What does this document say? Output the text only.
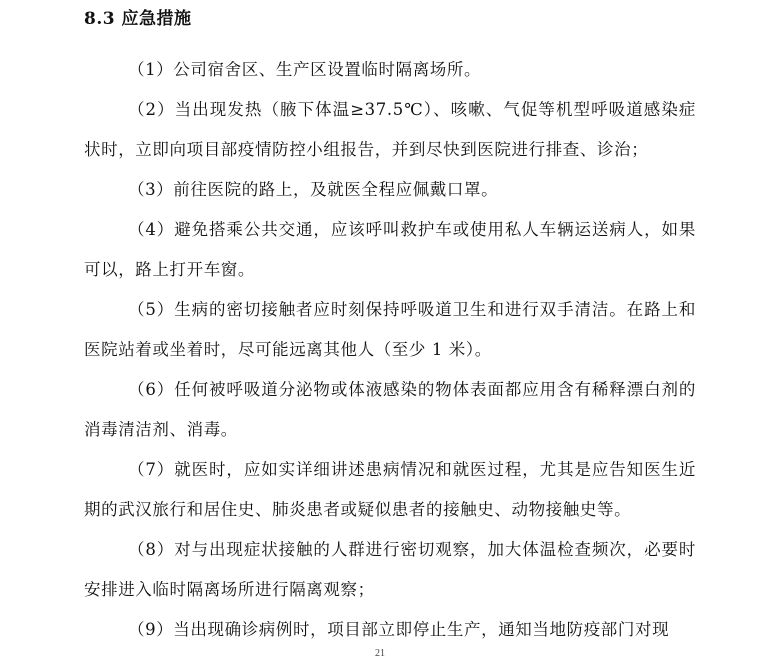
8.3 应急措施

（1）公司宿舍区、生产区设置临时隔离场所。

（2）当出现发热（腋下体温≥37.5℃）、咳嗽、气促等机型呼吸道感染症状时，立即向项目部疫情防控小组报告，并到尽快到医院进行排查、诊治；

（3）前往医院的路上，及就医全程应佩戴口罩。

（4）避免搭乘公共交通，应该呼叫救护车或使用私人车辆运送病人，如果可以，路上打开车窗。

（5）生病的密切接触者应时刻保持呼吸道卫生和进行双手清洁。在路上和医院站着或坐着时，尽可能远离其他人（至少 1 米）。

（6）任何被呼吸道分泌物或体液感染的物体表面都应用含有稀释漂白剂的消毒清洁剂、消毒。

（7）就医时，应如实详细讲述患病情况和就医过程，尤其是应告知医生近期的武汉旅行和居住史、肺炎患者或疑似患者的接触史、动物接触史等。

（8）对与出现症状接触的人群进行密切观察，加大体温检查频次，必要时安排进入临时隔离场所进行隔离观察；

（9）当出现确诊病例时，项目部立即停止生产，通知当地防疫部门对现

21
